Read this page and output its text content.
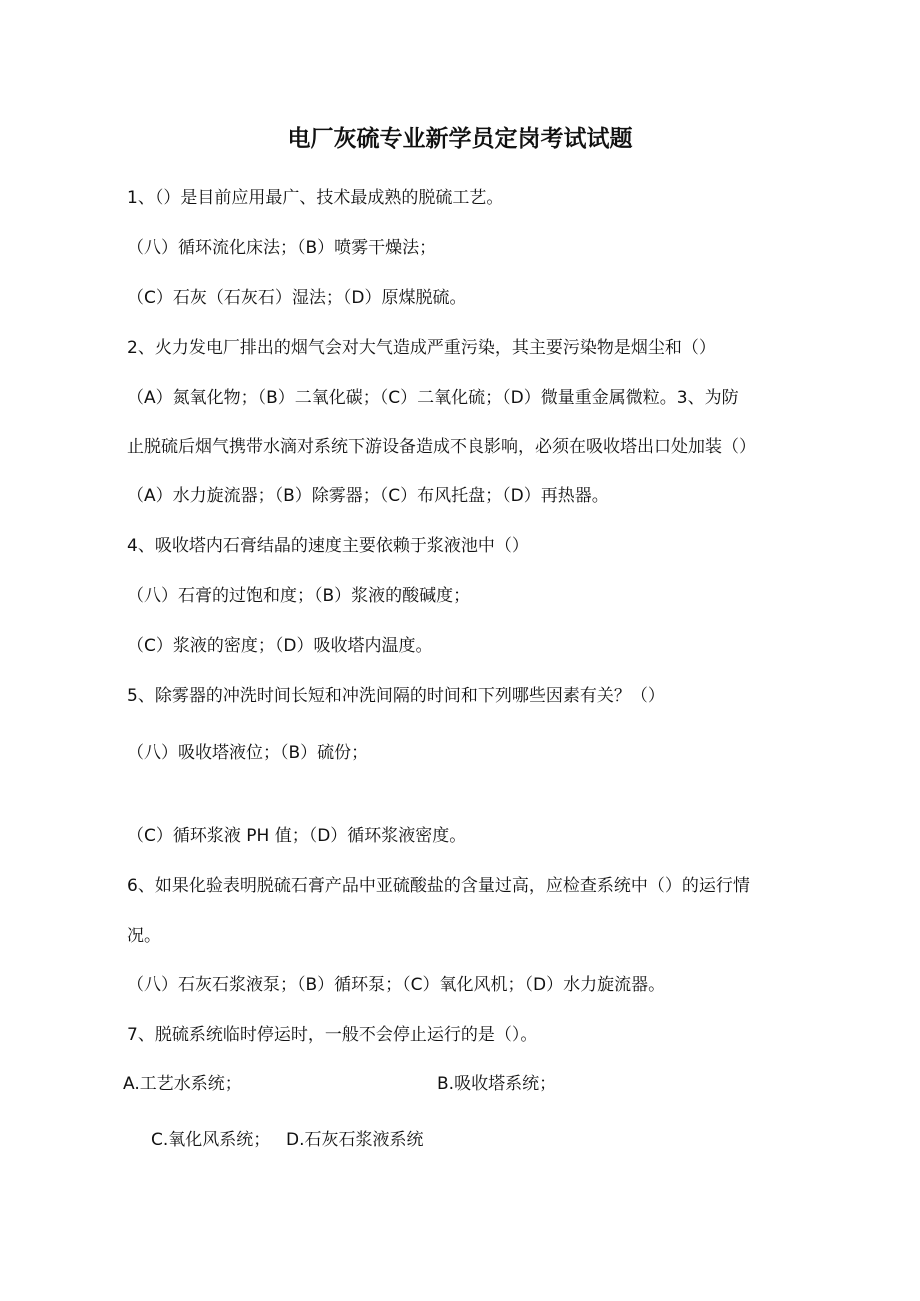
电厂灰硫专业新学员定岗考试试题
1、（）是目前应用最广、技术最成熟的脱硫工艺。
（八）循环流化床法；（B）喷雾干燥法；
（C）石灰（石灰石）湿法；（D）原煤脱硫。
2、火力发电厂排出的烟气会对大气造成严重污染，其主要污染物是烟尘和（）
（A）氮氧化物；（B）二氧化碳；（C）二氧化硫；（D）微量重金属微粒。3、为防
止脱硫后烟气携带水滴对系统下游设备造成不良影响，必须在吸收塔出口处加装（）
（A）水力旋流器；（B）除雾器；（C）布风托盘；（D）再热器。
4、吸收塔内石膏结晶的速度主要依赖于浆液池中（）
（八）石膏的过饱和度；（B）浆液的酸碱度；
（C）浆液的密度；（D）吸收塔内温度。
5、除雾器的冲洗时间长短和冲洗间隔的时间和下列哪些因素有关？（）
（八）吸收塔液位；（B）硫份；
（C）循环浆液 PH 值；（D）循环浆液密度。
6、如果化验表明脱硫石膏产品中亚硫酸盐的含量过高，应检查系统中（）的运行情
况。
（八）石灰石浆液泵；（B）循环泵；（C）氧化风机；（D）水力旋流器。
7、脱硫系统临时停运时，一般不会停止运行的是（）。
A.工艺水系统；	B.吸收塔系统；
C.氧化风系统； D.石灰石浆液系统
